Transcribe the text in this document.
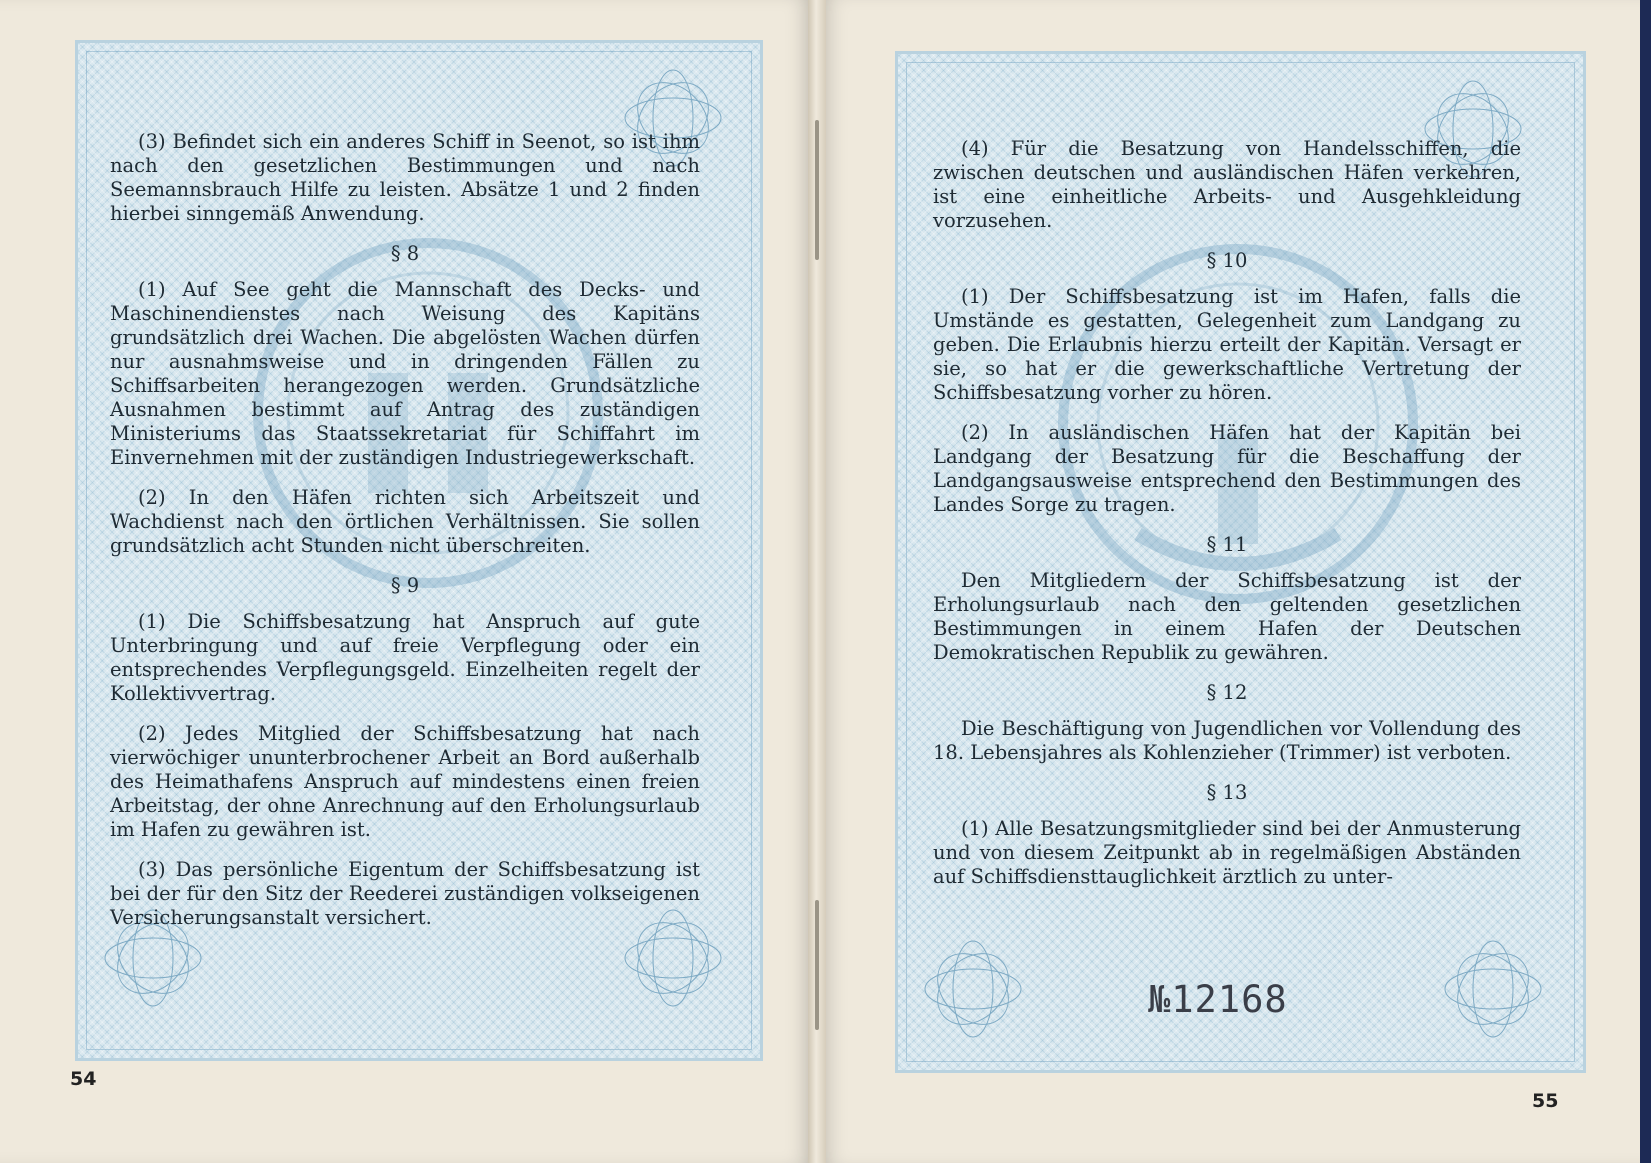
(3) Befindet sich ein anderes Schiff in Seenot, so ist ihm nach den gesetzlichen Bestimmungen und nach Seemannsbrauch Hilfe zu leisten. Absätze 1 und 2 finden hierbei sinngemäß Anwendung.

§ 8

(1) Auf See geht die Mannschaft des Decks- und Maschinendienstes nach Weisung des Kapitäns grundsätzlich drei Wachen. Die abgelösten Wachen dürfen nur ausnahmsweise und in dringenden Fällen zu Schiffsarbeiten herangezogen werden. Grundsätzliche Ausnahmen bestimmt auf Antrag des zuständigen Ministeriums das Staatssekretariat für Schiffahrt im Einvernehmen mit der zuständigen Industriegewerkschaft.

(2) In den Häfen richten sich Arbeitszeit und Wachdienst nach den örtlichen Verhältnissen. Sie sollen grundsätzlich acht Stunden nicht überschreiten.

§ 9

(1) Die Schiffsbesatzung hat Anspruch auf gute Unterbringung und auf freie Verpflegung oder ein entsprechendes Verpflegungsgeld. Einzelheiten regelt der Kollektivvertrag.

(2) Jedes Mitglied der Schiffsbesatzung hat nach vierwöchiger ununterbrochener Arbeit an Bord außerhalb des Heimathafens Anspruch auf mindestens einen freien Arbeitstag, der ohne Anrechnung auf den Erholungsurlaub im Hafen zu gewähren ist.

(3) Das persönliche Eigentum der Schiffsbesatzung ist bei der für den Sitz der Reederei zuständigen volkseigenen Versicherungsanstalt versichert.

(4) Für die Besatzung von Handelsschiffen, die zwischen deutschen und ausländischen Häfen verkehren, ist eine einheitliche Arbeits- und Ausgehkleidung vorzusehen.

§ 10

(1) Der Schiffsbesatzung ist im Hafen, falls die Umstände es gestatten, Gelegenheit zum Landgang zu geben. Die Erlaubnis hierzu erteilt der Kapitän. Versagt er sie, so hat er die gewerkschaftliche Vertretung der Schiffsbesatzung vorher zu hören.

(2) In ausländischen Häfen hat der Kapitän bei Landgang der Besatzung für die Beschaffung der Landgangsausweise entsprechend den Bestimmungen des Landes Sorge zu tragen.

§ 11

Den Mitgliedern der Schiffsbesatzung ist der Erholungsurlaub nach den geltenden gesetzlichen Bestimmungen in einem Hafen der Deutschen Demokratischen Republik zu gewähren.

§ 12

Die Beschäftigung von Jugendlichen vor Vollendung des 18. Lebensjahres als Kohlenzieher (Trimmer) ist verboten.

§ 13

(1) Alle Besatzungsmitglieder sind bei der Anmusterung und von diesem Zeitpunkt ab in regelmäßigen Abständen auf Schiffsdiensttauglichkeit ärztlich zu unter-

№12168
54
55
